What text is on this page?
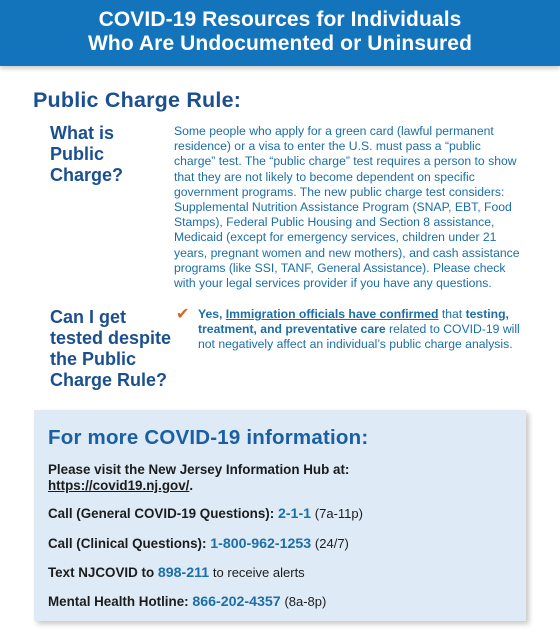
COVID-19 Resources for Individuals
Who Are Undocumented or Uninsured
Public Charge Rule:
What is Public Charge?
Some people who apply for a green card (lawful permanent residence) or a visa to enter the U.S. must pass a “public charge” test. The “public charge” test requires a person to show that they are not likely to become dependent on specific government programs. The new public charge test considers: Supplemental Nutrition Assistance Program (SNAP, EBT, Food Stamps), Federal Public Housing and Section 8 assistance, Medicaid (except for emergency services, children under 21 years, pregnant women and new mothers), and cash assistance programs (like SSI, TANF, General Assistance). Please check with your legal services provider if you have any questions.
Can I get tested despite the Public Charge Rule?
✔ Yes, Immigration officials have confirmed that testing, treatment, and preventative care related to COVID-19 will not negatively affect an individual’s public charge analysis.
For more COVID-19 information:
Please visit the New Jersey Information Hub at:
https://covid19.nj.gov/.
Call (General COVID-19 Questions): 2-1-1 (7a-11p)
Call (Clinical Questions): 1-800-962-1253 (24/7)
Text NJCOVID to 898-211 to receive alerts
Mental Health Hotline: 866-202-4357 (8a-8p)
